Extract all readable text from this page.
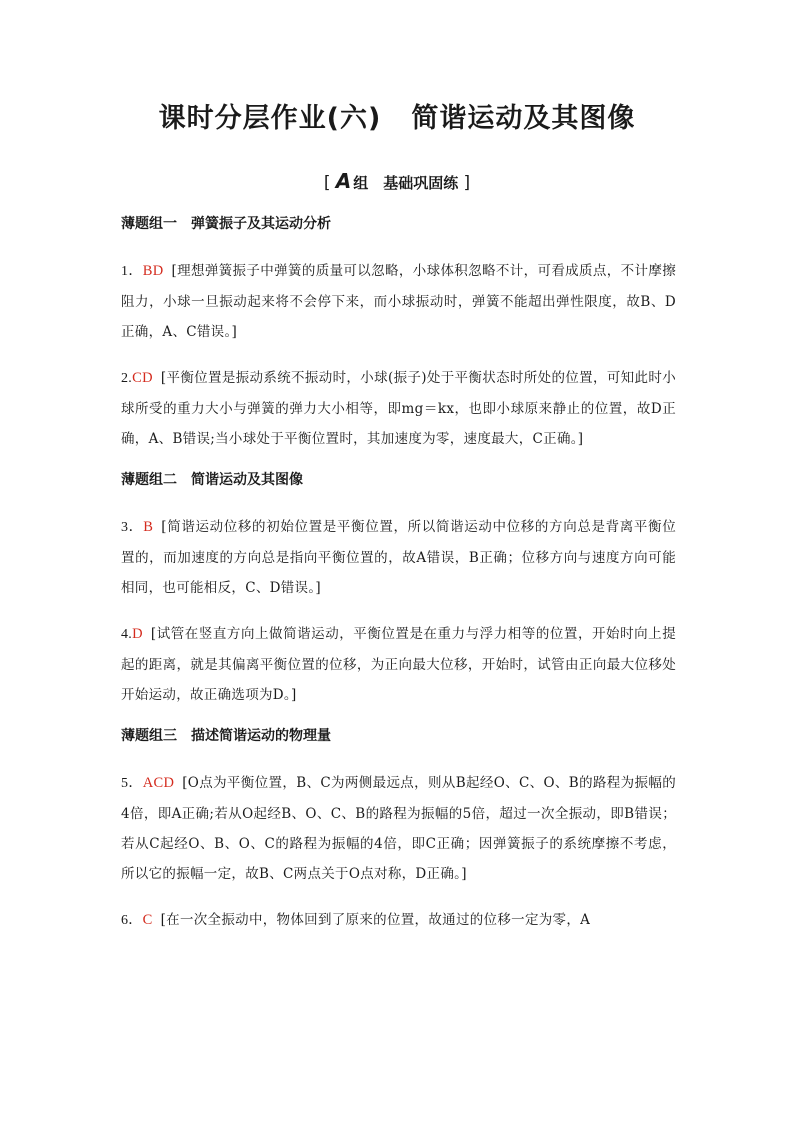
课时分层作业(六) 简谐运动及其图像
[ A 组　基础巩固练 ]
薄题组一　弹簧振子及其运动分析

1．BD [理想弹簧振子中弹簧的质量可以忽略，小球体积忽略不计，可看成质点，不计摩擦阻力，小球一旦振动起来将不会停下来，而小球振动时，弹簧不能超出弹性限度，故B、D正确，A、C错误。]

2.CD [平衡位置是振动系统不振动时，小球(振子)处于平衡状态时所处的位置，可知此时小球所受的重力大小与弹簧的弹力大小相等，即mg＝kx，也即小球原来静止的位置，故D正确，A、B错误;当小球处于平衡位置时，其加速度为零，速度最大，C正确。]

薄题组二　简谐运动及其图像

3．B [简谐运动位移的初始位置是平衡位置，所以简谐运动中位移的方向总是背离平衡位置的，而加速度的方向总是指向平衡位置的，故A错误，B正确；位移方向与速度方向可能相同，也可能相反，C、D错误。]

4.D [试管在竖直方向上做简谐运动，平衡位置是在重力与浮力相等的位置，开始时向上提起的距离，就是其偏离平衡位置的位移，为正向最大位移，开始时，试管由正向最大位移处开始运动，故正确选项为D。]

薄题组三　描述简谐运动的物理量

5．ACD [O点为平衡位置，B、C为两侧最远点，则从B起经O、C、O、B的路程为振幅的4倍，即A正确;若从O起经B、O、C、B的路程为振幅的5倍，超过一次全振动，即B错误；若从C起经O、B、O、C的路程为振幅的4倍，即C正确；因弹簧振子的系统摩擦不考虑，所以它的振幅一定，故B、C两点关于O点对称，D正确。]

6．C [在一次全振动中，物体回到了原来的位置，故通过的位移一定为零，A
